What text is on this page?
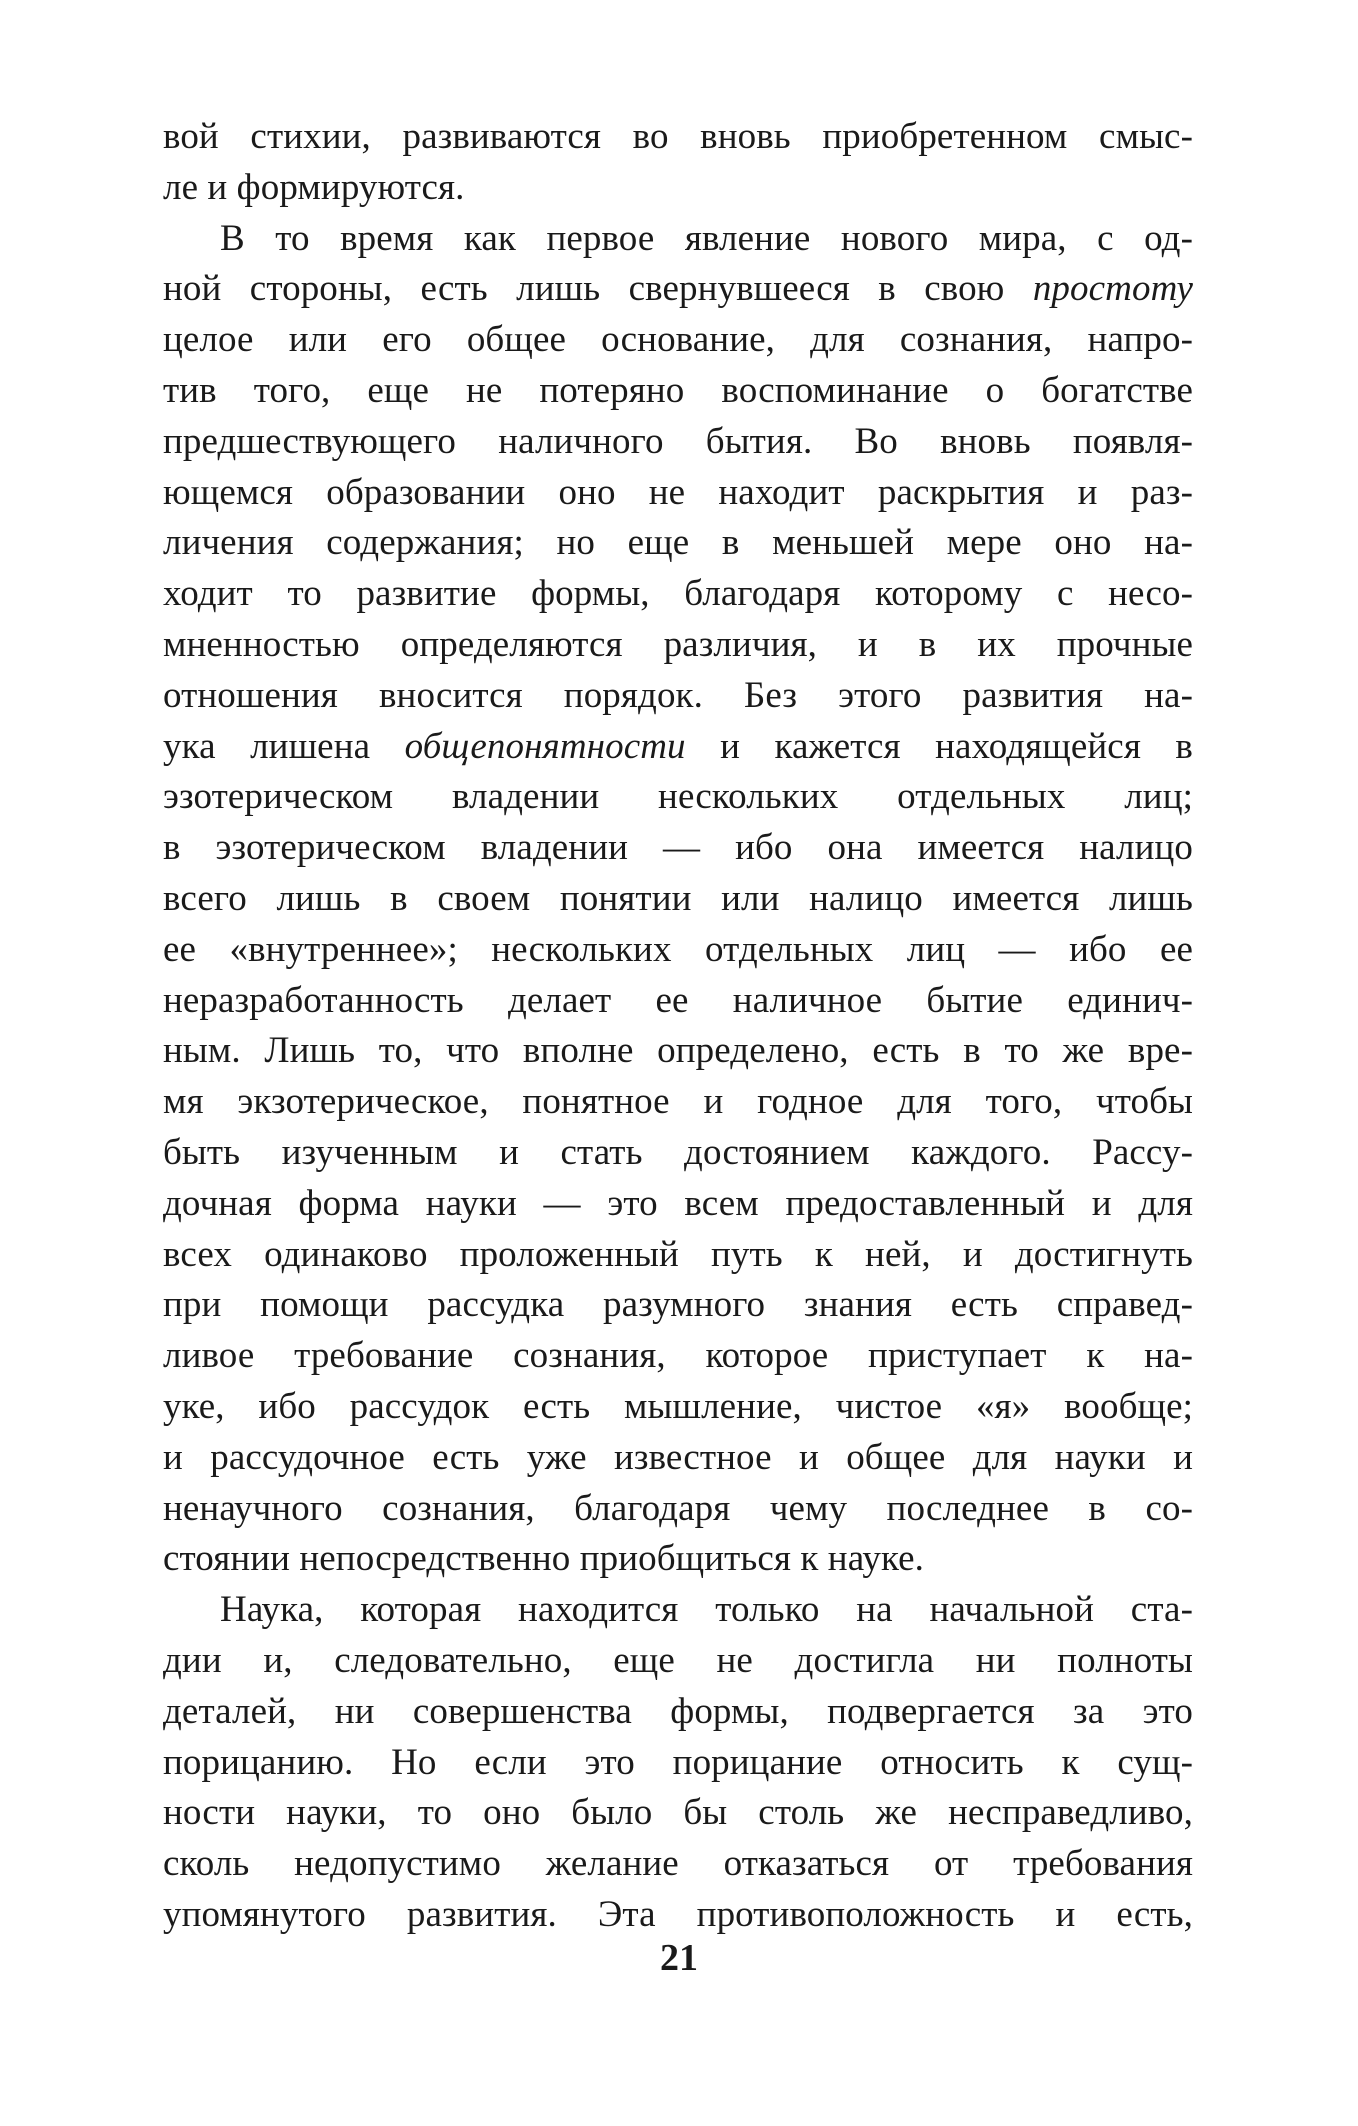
вой стихии, развиваются во вновь приобретенном смыс-
ле и формируются.
В то время как первое явление нового мира, с од-
ной стороны, есть лишь свернувшееся в свою простоту
целое или его общее основание, для сознания, напро-
тив того, еще не потеряно воспоминание о богатстве
предшествующего наличного бытия. Во вновь появля-
ющемся образовании оно не находит раскрытия и раз-
личения содержания; но еще в меньшей мере оно на-
ходит то развитие формы, благодаря которому с несо-
мненностью определяются различия, и в их прочные
отношения вносится порядок. Без этого развития на-
ука лишена общепонятности и кажется находящейся в
эзотерическом владении нескольких отдельных лиц;
в эзотерическом владении — ибо она имеется налицо
всего лишь в своем понятии или налицо имеется лишь
ее «внутреннее»; нескольких отдельных лиц — ибо ее
неразработанность делает ее наличное бытие единич-
ным. Лишь то, что вполне определено, есть в то же вре-
мя экзотерическое, понятное и годное для того, чтобы
быть изученным и стать достоянием каждого. Рассу-
дочная форма науки — это всем предоставленный и для
всех одинаково проложенный путь к ней, и достигнуть
при помощи рассудка разумного знания есть справед-
ливое требование сознания, которое приступает к на-
уке, ибо рассудок есть мышление, чистое «я» вообще;
и рассудочное есть уже известное и общее для науки и
ненаучного сознания, благодаря чему последнее в со-
стоянии непосредственно приобщиться к науке.
Наука, которая находится только на начальной ста-
дии и, следовательно, еще не достигла ни полноты
деталей, ни совершенства формы, подвергается за это
порицанию. Но если это порицание относить к сущ-
ности науки, то оно было бы столь же несправедливо,
сколь недопустимо желание отказаться от требования
упомянутого развития. Эта противоположность и есть,
21
